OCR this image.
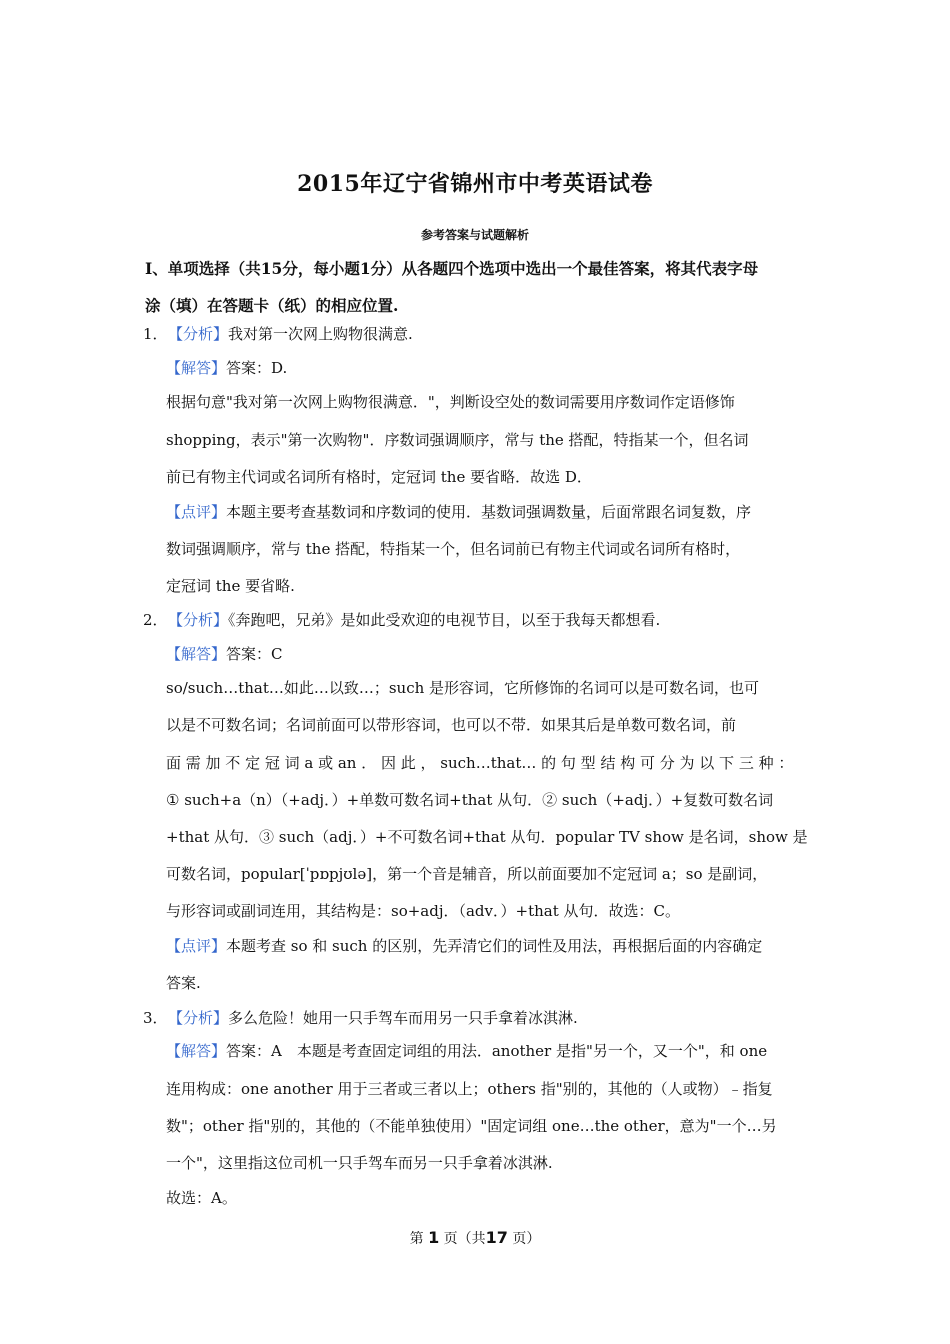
2015年辽宁省锦州市中考英语试卷
参考答案与试题解析
I、单项选择（共15分，每小题1分）从各题四个选项中选出一个最佳答案，将其代表字母
涂（填）在答题卡（纸）的相应位置.
1． 【分析】我对第一次网上购物很满意.
【解答】答案：D.
根据句意"我对第一次网上购物很满意．"，判断设空处的数词需要用序数词作定语修饰
shopping，表示"第一次购物"．序数词强调顺序，常与 the 搭配，特指某一个，但名词
前已有物主代词或名词所有格时，定冠词 the 要省略．故选 D．
【点评】本题主要考查基数词和序数词的使用．基数词强调数量，后面常跟名词复数，序
数词强调顺序，常与 the 搭配，特指某一个，但名词前已有物主代词或名词所有格时，
定冠词 the 要省略.
2． 【分析】《奔跑吧，兄弟》是如此受欢迎的电视节目，以至于我每天都想看.
【解答】答案：C
so/such…that…如此…以致…；such 是形容词，它所修饰的名词可以是可数名词，也可
以是不可数名词；名词前面可以带形容词，也可以不带．如果其后是单数可数名词，前
面 需 加 不 定 冠 词 a 或 an ． 因 此 ， such…that… 的 句 型 结 构 可 分 为 以 下 三 种 ：
① such+a（n）（+adj．）+单数可数名词+that 从句．② such（+adj．）+复数可数名词
+that 从句．③ such（adj．）+不可数名词+that 从句．popular TV show 是名词，show 是
可数名词，popular[ˈpɒpjʊlə]，第一个音是辅音，所以前面要加不定冠词 a；so 是副词，
与形容词或副词连用，其结构是：so+adj．（adv．）+that 从句．故选：C。
【点评】本题考查 so 和 such 的区别，先弄清它们的词性及用法，再根据后面的内容确定
答案.
3． 【分析】多么危险！她用一只手驾车而用另一只手拿着冰淇淋.
【解答】答案：A　本题是考查固定词组的用法．another 是指"另一个，又一个"，和 one
连用构成：one another 用于三者或三者以上；others 指"别的，其他的（人或物）﹣指复
数"；other 指"别的，其他的（不能单独使用）"固定词组 one…the other，意为"一个…另
一个"，这里指这位司机一只手驾车而另一只手拿着冰淇淋.
故选：A。
第 1 页（共17 页）
